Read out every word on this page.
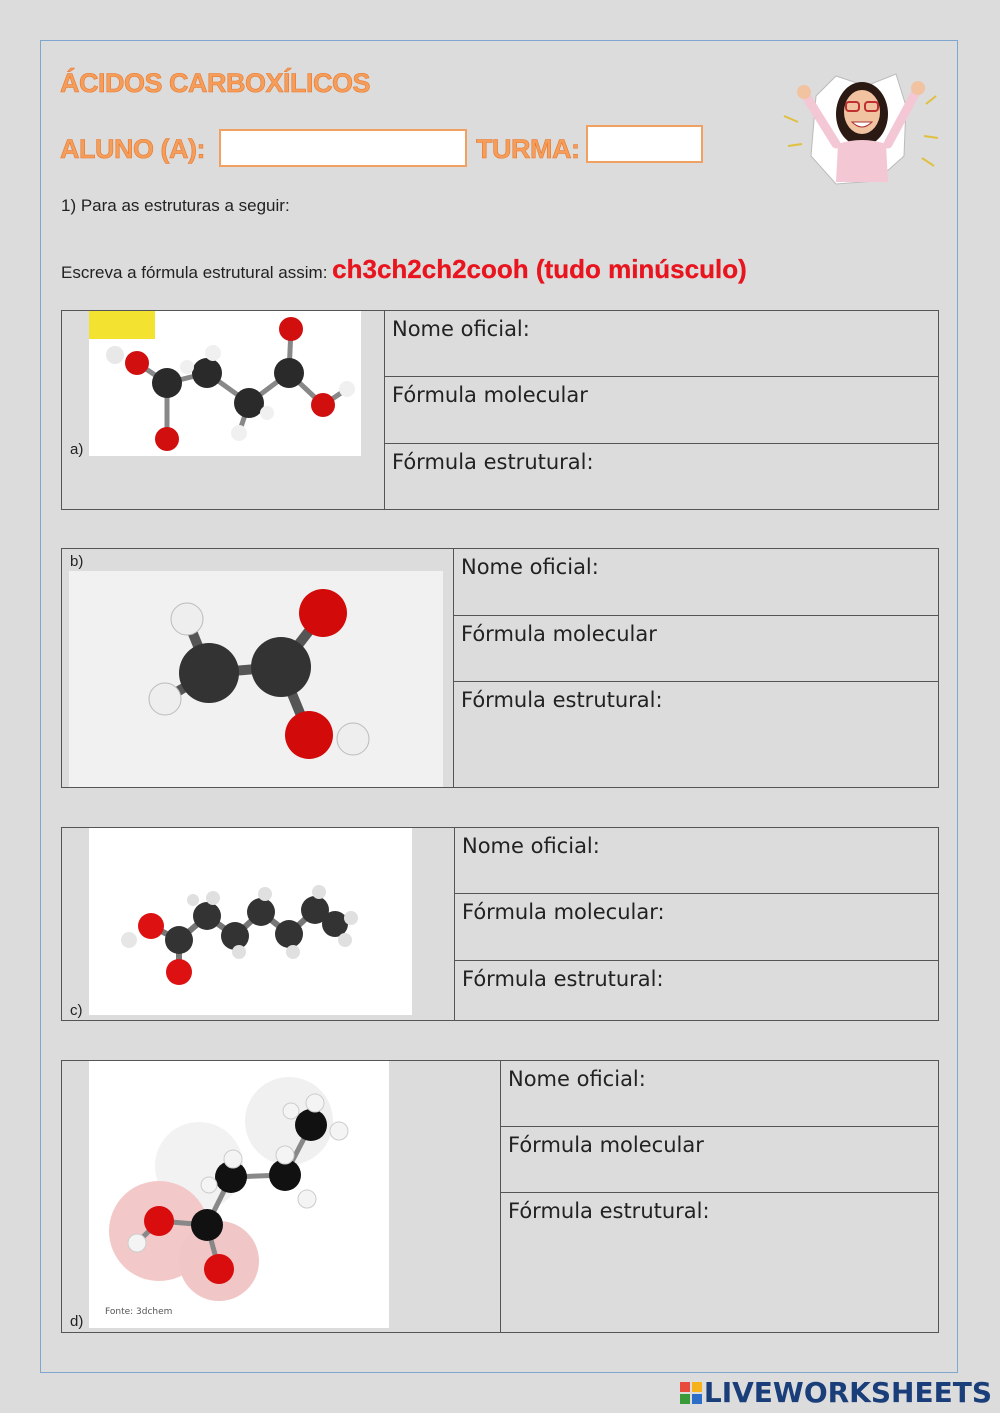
ÁCIDOS CARBOXÍLICOS
ALUNO (A):	TURMA:
1) Para as estruturas a seguir:
Escreva a fórmula estrutural assim: ch3ch2ch2cooh (tudo minúsculo)
a)
Nome oficial:
Fórmula molecular
Fórmula estrutural:
b)	Nome oficial:
Fórmula molecular
Fórmula estrutural:
c)
Nome oficial:
Fórmula molecular:
Fórmula estrutural:
Fonte: 3dchem
d)
Nome oficial:
Fórmula molecular
Fórmula estrutural:
LIVEWORKSHEETS
